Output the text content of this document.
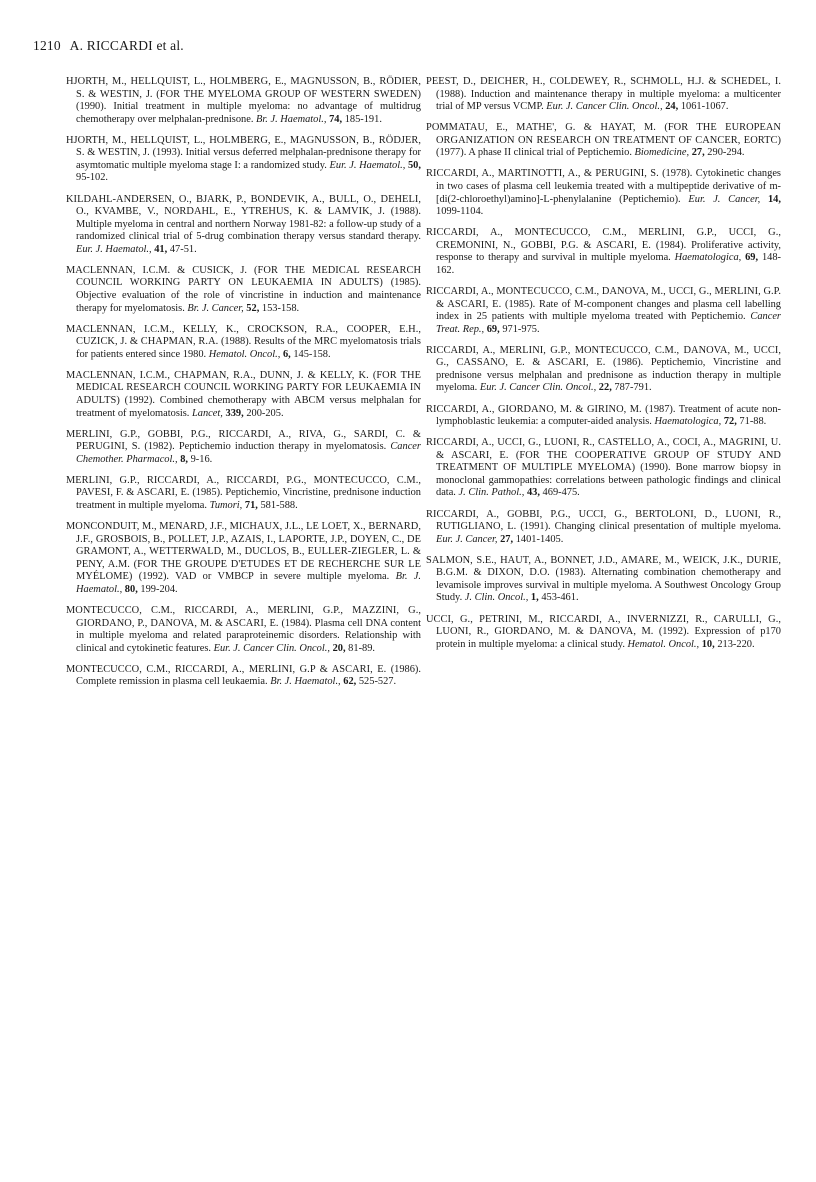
1210 A. RICCARDI et al.

HJORTH, M., HELLQUIST, L., HOLMBERG, E., MAGNUSSON, B., RÖDIER, S. & WESTIN, J. (FOR THE MYELOMA GROUP OF WESTERN SWEDEN) (1990). Initial treatment in multiple myeloma: no advantage of multidrug chemotherapy over melphalan-prednisone. Br. J. Haematol., 74, 185-191.

HJORTH, M., HELLQUIST, L., HOLMBERG, E., MAGNUSSON, B., RÖDJER, S. & WESTIN, J. (1993). Initial versus deferred melphalan-prednisone therapy for asymtomatic multiple myeloma stage I: a randomized study. Eur. J. Haematol., 50, 95-102.

KILDAHL-ANDERSEN, O., BJARK, P., BONDEVIK, A., BULL, O., DEHELI, O., KVAMBE, V., NORDAHL, E., YTREHUS, K. & LAMVIK, J. (1988). Multiple myeloma in central and northern Norway 1981-82: a follow-up study of a randomized clinical trial of 5-drug combination therapy versus standard therapy. Eur. J. Haematol., 41, 47-51.

MACLENNAN, I.C.M. & CUSICK, J. (FOR THE MEDICAL RESEARCH COUNCIL WORKING PARTY ON LEUKAEMIA IN ADULTS) (1985). Objective evaluation of the role of vincristine in induction and maintenance therapy for myelomatosis. Br. J. Cancer, 52, 153-158.

MACLENNAN, I.C.M., KELLY, K., CROCKSON, R.A., COOPER, E.H., CUZICK, J. & CHAPMAN, R.A. (1988). Results of the MRC myelomatosis trials for patients entered since 1980. Hematol. Oncol., 6, 145-158.

MACLENNAN, I.C.M., CHAPMAN, R.A., DUNN, J. & KELLY, K. (FOR THE MEDICAL RESEARCH COUNCIL WORKING PARTY FOR LEUKAEMIA IN ADULTS) (1992). Combined chemotherapy with ABCM versus melphalan for treatment of myelomatosis. Lancet, 339, 200-205.

MERLINI, G.P., GOBBI, P.G., RICCARDI, A., RIVA, G., SARDI, C. & PERUGINI, S. (1982). Peptichemio induction therapy in myelomatosis. Cancer Chemother. Pharmacol., 8, 9-16.

MERLINI, G.P., RICCARDI, A., RICCARDI, P.G., MONTECUCCO, C.M., PAVESI, F. & ASCARI, E. (1985). Peptichemio, Vincristine, prednisone induction treatment in multiple myeloma. Tumori, 71, 581-588.

MONCONDUIT, M., MENARD, J.F., MICHAUX, J.L., LE LOET, X., BERNARD, J.F., GROSBOIS, B., POLLET, J.P., AZAIS, I., LAPORTE, J.P., DOYEN, C., DE GRAMONT, A., WETTERWALD, M., DUCLOS, B., EULLER-ZIEGLER, L. & PENY, A.M. (FOR THE GROUPE D'ETUDES ET DE RECHERCHE SUR LE MYÉLOME) (1992). VAD or VMBCP in severe multiple myeloma. Br. J. Haematol., 80, 199-204.

MONTECUCCO, C.M., RICCARDI, A., MERLINI, G.P., MAZZINI, G., GIORDANO, P., DANOVA, M. & ASCARI, E. (1984). Plasma cell DNA content in multiple myeloma and related paraproteinemic disorders. Relationship with clinical and cytokinetic features. Eur. J. Cancer Clin. Oncol., 20, 81-89.

MONTECUCCO, C.M., RICCARDI, A., MERLINI, G.P & ASCARI, E. (1986). Complete remission in plasma cell leukaemia. Br. J. Haematol., 62, 525-527.

PEEST, D., DEICHER, H., COLDEWEY, R., SCHMOLL, H.J. & SCHEDEL, I. (1988). Induction and maintenance therapy in multiple myeloma: a multicenter trial of MP versus VCMP. Eur. J. Cancer Clin. Oncol., 24, 1061-1067.

POMMATAU, E., MATHE', G. & HAYAT, M. (FOR THE EUROPEAN ORGANIZATION ON RESEARCH ON TREATMENT OF CANCER, EORTC) (1977). A phase II clinical trial of Peptichemio. Biomedicine, 27, 290-294.

RICCARDI, A., MARTINOTTI, A., & PERUGINI, S. (1978). Cytokinetic changes in two cases of plasma cell leukemia treated with a multipeptide derivative of m-[di(2-chloroethyl)amino]-L-phenylalanine (Peptichemio). Eur. J. Cancer, 14, 1099-1104.

RICCARDI, A., MONTECUCCO, C.M., MERLINI, G.P., UCCI, G., CREMONINI, N., GOBBI, P.G. & ASCARI, E. (1984). Proliferative activity, response to therapy and survival in multiple myeloma. Haematologica, 69, 148-162.

RICCARDI, A., MONTECUCCO, C.M., DANOVA, M., UCCI, G., MERLINI, G.P. & ASCARI, E. (1985). Rate of M-component changes and plasma cell labelling index in 25 patients with multiple myeloma treated with Peptichemio. Cancer Treat. Rep., 69, 971-975.

RICCARDI, A., MERLINI, G.P., MONTECUCCO, C.M., DANOVA, M., UCCI, G., CASSANO, E. & ASCARI, E. (1986). Peptichemio, Vincristine and prednisone versus melphalan and prednisone as induction therapy in multiple myeloma. Eur. J. Cancer Clin. Oncol., 22, 787-791.

RICCARDI, A., GIORDANO, M. & GIRINO, M. (1987). Treatment of acute non-lymphoblastic leukemia: a computer-aided analysis. Haematologica, 72, 71-88.

RICCARDI, A., UCCI, G., LUONI, R., CASTELLO, A., COCI, A., MAGRINI, U. & ASCARI, E. (FOR THE COOPERATIVE GROUP OF STUDY AND TREATMENT OF MULTIPLE MYELOMA) (1990). Bone marrow biopsy in monoclonal gammopathies: correlations between pathologic findings and clinical data. J. Clin. Pathol., 43, 469-475.

RICCARDI, A., GOBBI, P.G., UCCI, G., BERTOLONI, D., LUONI, R., RUTIGLIANO, L. (1991). Changing clinical presentation of multiple myeloma. Eur. J. Cancer, 27, 1401-1405.

SALMON, S.E., HAUT, A., BONNET, J.D., AMARE, M., WEICK, J.K., DURIE, B.G.M. & DIXON, D.O. (1983). Alternating combination chemotherapy and levamisole improves survival in multiple myeloma. A Southwest Oncology Group Study. J. Clin. Oncol., 1, 453-461.

UCCI, G., PETRINI, M., RICCARDI, A., INVERNIZZI, R., CARULLI, G., LUONI, R., GIORDANO, M. & DANOVA, M. (1992). Expression of p170 protein in multiple myeloma: a clinical study. Hematol. Oncol., 10, 213-220.
